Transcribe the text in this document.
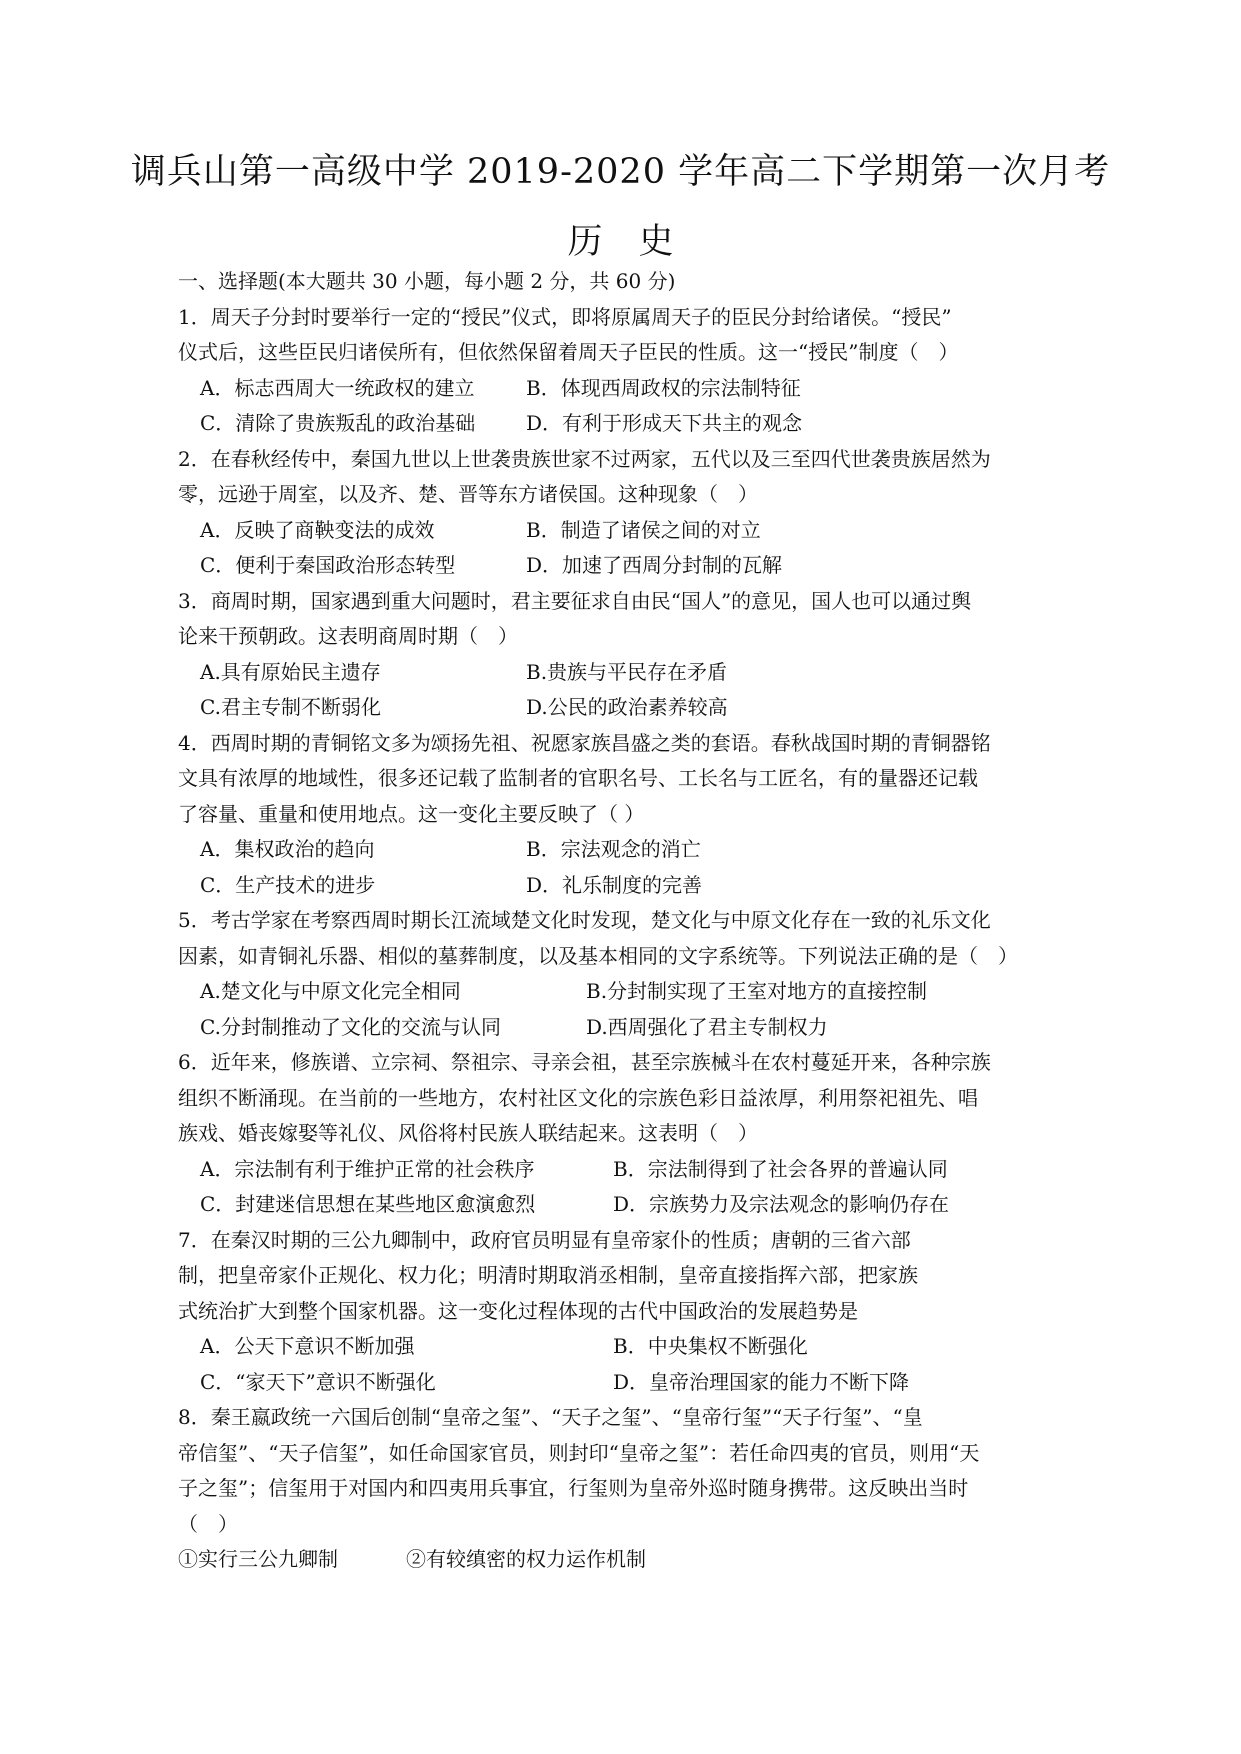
调兵山第一高级中学 2019-2020 学年高二下学期第一次月考
历史
一、选择题(本大题共 30 小题，每小题 2 分，共 60 分)
1．周天子分封时要举行一定的“授民”仪式，即将原属周天子的臣民分封给诸侯。“授民”
仪式后，这些臣民归诸侯所有，但依然保留着周天子臣民的性质。这一“授民”制度（　）
A．标志西周大一统政权的建立	B．体现西周政权的宗法制特征
C．清除了贵族叛乱的政治基础	D．有利于形成天下共主的观念
2．在春秋经传中，秦国九世以上世袭贵族世家不过两家，五代以及三至四代世袭贵族居然为
零，远逊于周室，以及齐、楚、晋等东方诸侯国。这种现象（　）
A．反映了商鞅变法的成效	B．制造了诸侯之间的对立
C．便利于秦国政治形态转型	D．加速了西周分封制的瓦解
3．商周时期，国家遇到重大问题时，君主要征求自由民“国人”的意见，国人也可以通过舆
论来干预朝政。这表明商周时期（　）
A.具有原始民主遗存	B.贵族与平民存在矛盾
C.君主专制不断弱化	D.公民的政治素养较高
4．西周时期的青铜铭文多为颂扬先祖、祝愿家族昌盛之类的套语。春秋战国时期的青铜器铭
文具有浓厚的地域性，很多还记载了监制者的官职名号、工长名与工匠名，有的量器还记载
了容量、重量和使用地点。这一变化主要反映了（ ）
A．集权政治的趋向	B．宗法观念的消亡
C．生产技术的进步	D．礼乐制度的完善
5．考古学家在考察西周时期长江流域楚文化时发现，楚文化与中原文化存在一致的礼乐文化
因素，如青铜礼乐器、相似的墓葬制度，以及基本相同的文字系统等。下列说法正确的是（　）
A.楚文化与中原文化完全相同	B.分封制实现了王室对地方的直接控制
C.分封制推动了文化的交流与认同	D.西周强化了君主专制权力
6．近年来，修族谱、立宗祠、祭祖宗、寻亲会祖，甚至宗族械斗在农村蔓延开来，各种宗族
组织不断涌现。在当前的一些地方，农村社区文化的宗族色彩日益浓厚，利用祭祀祖先、唱
族戏、婚丧嫁娶等礼仪、风俗将村民族人联结起来。这表明（　）
A．宗法制有利于维护正常的社会秩序	B．宗法制得到了社会各界的普遍认同
C．封建迷信思想在某些地区愈演愈烈	D．宗族势力及宗法观念的影响仍存在
7．在秦汉时期的三公九卿制中，政府官员明显有皇帝家仆的性质；唐朝的三省六部
制，把皇帝家仆正规化、权力化；明清时期取消丞相制，皇帝直接指挥六部，把家族
式统治扩大到整个国家机器。这一变化过程体现的古代中国政治的发展趋势是
A．公天下意识不断加强	B．中央集权不断强化
C．“家天下”意识不断强化	D．皇帝治理国家的能力不断下降
8．秦王嬴政统一六国后创制“皇帝之玺”、“天子之玺”、“皇帝行玺”“天子行玺”、“皇
帝信玺”、“天子信玺”，如任命国家官员，则封印“皇帝之玺”：若任命四夷的官员，则用“天
子之玺”；信玺用于对国内和四夷用兵事宜，行玺则为皇帝外巡时随身携带。这反映出当时
（　）
①实行三公九卿制	②有较缜密的权力运作机制
